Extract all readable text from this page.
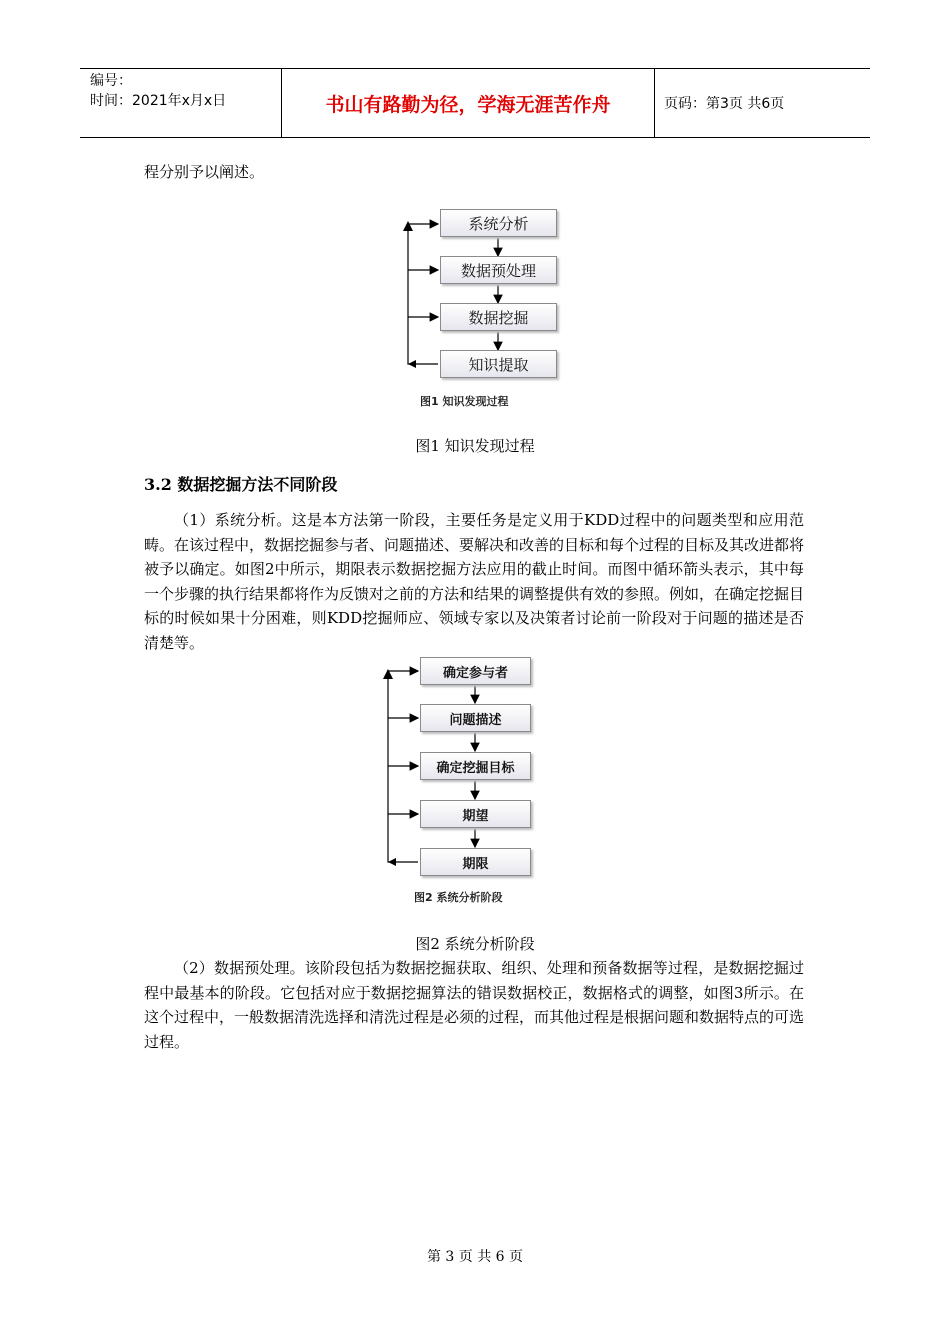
编号：
时间：2021年x月x日	书山有路勤为径，学海无涯苦作舟	页码：第3页 共6页
程分别予以阐述。
系统分析
数据预处理
数据挖掘
知识提取
图1 知识发现过程
图1 知识发现过程
3.2 数据挖掘方法不同阶段
（1）系统分析。这是本方法第一阶段，主要任务是定义用于KDD过程中的问题类型和应用范畴。在该过程中，数据挖掘参与者、问题描述、要解决和改善的目标和每个过程的目标及其改进都将被予以确定。如图2中所示，期限表示数据挖掘方法应用的截止时间。而图中循环箭头表示，其中每一个步骤的执行结果都将作为反馈对之前的方法和结果的调整提供有效的参照。例如，在确定挖掘目标的时候如果十分困难，则KDD挖掘师应、领域专家以及决策者讨论前一阶段对于问题的描述是否清楚等。
确定参与者
问题描述
确定挖掘目标
期望
期限
图2 系统分析阶段
图2 系统分析阶段
（2）数据预处理。该阶段包括为数据挖掘获取、组织、处理和预备数据等过程，是数据挖掘过程中最基本的阶段。它包括对应于数据挖掘算法的错误数据校正，数据格式的调整，如图3所示。在这个过程中，一般数据清洗选择和清洗过程是必须的过程，而其他过程是根据问题和数据特点的可选过程。
第 3 页 共 6 页
